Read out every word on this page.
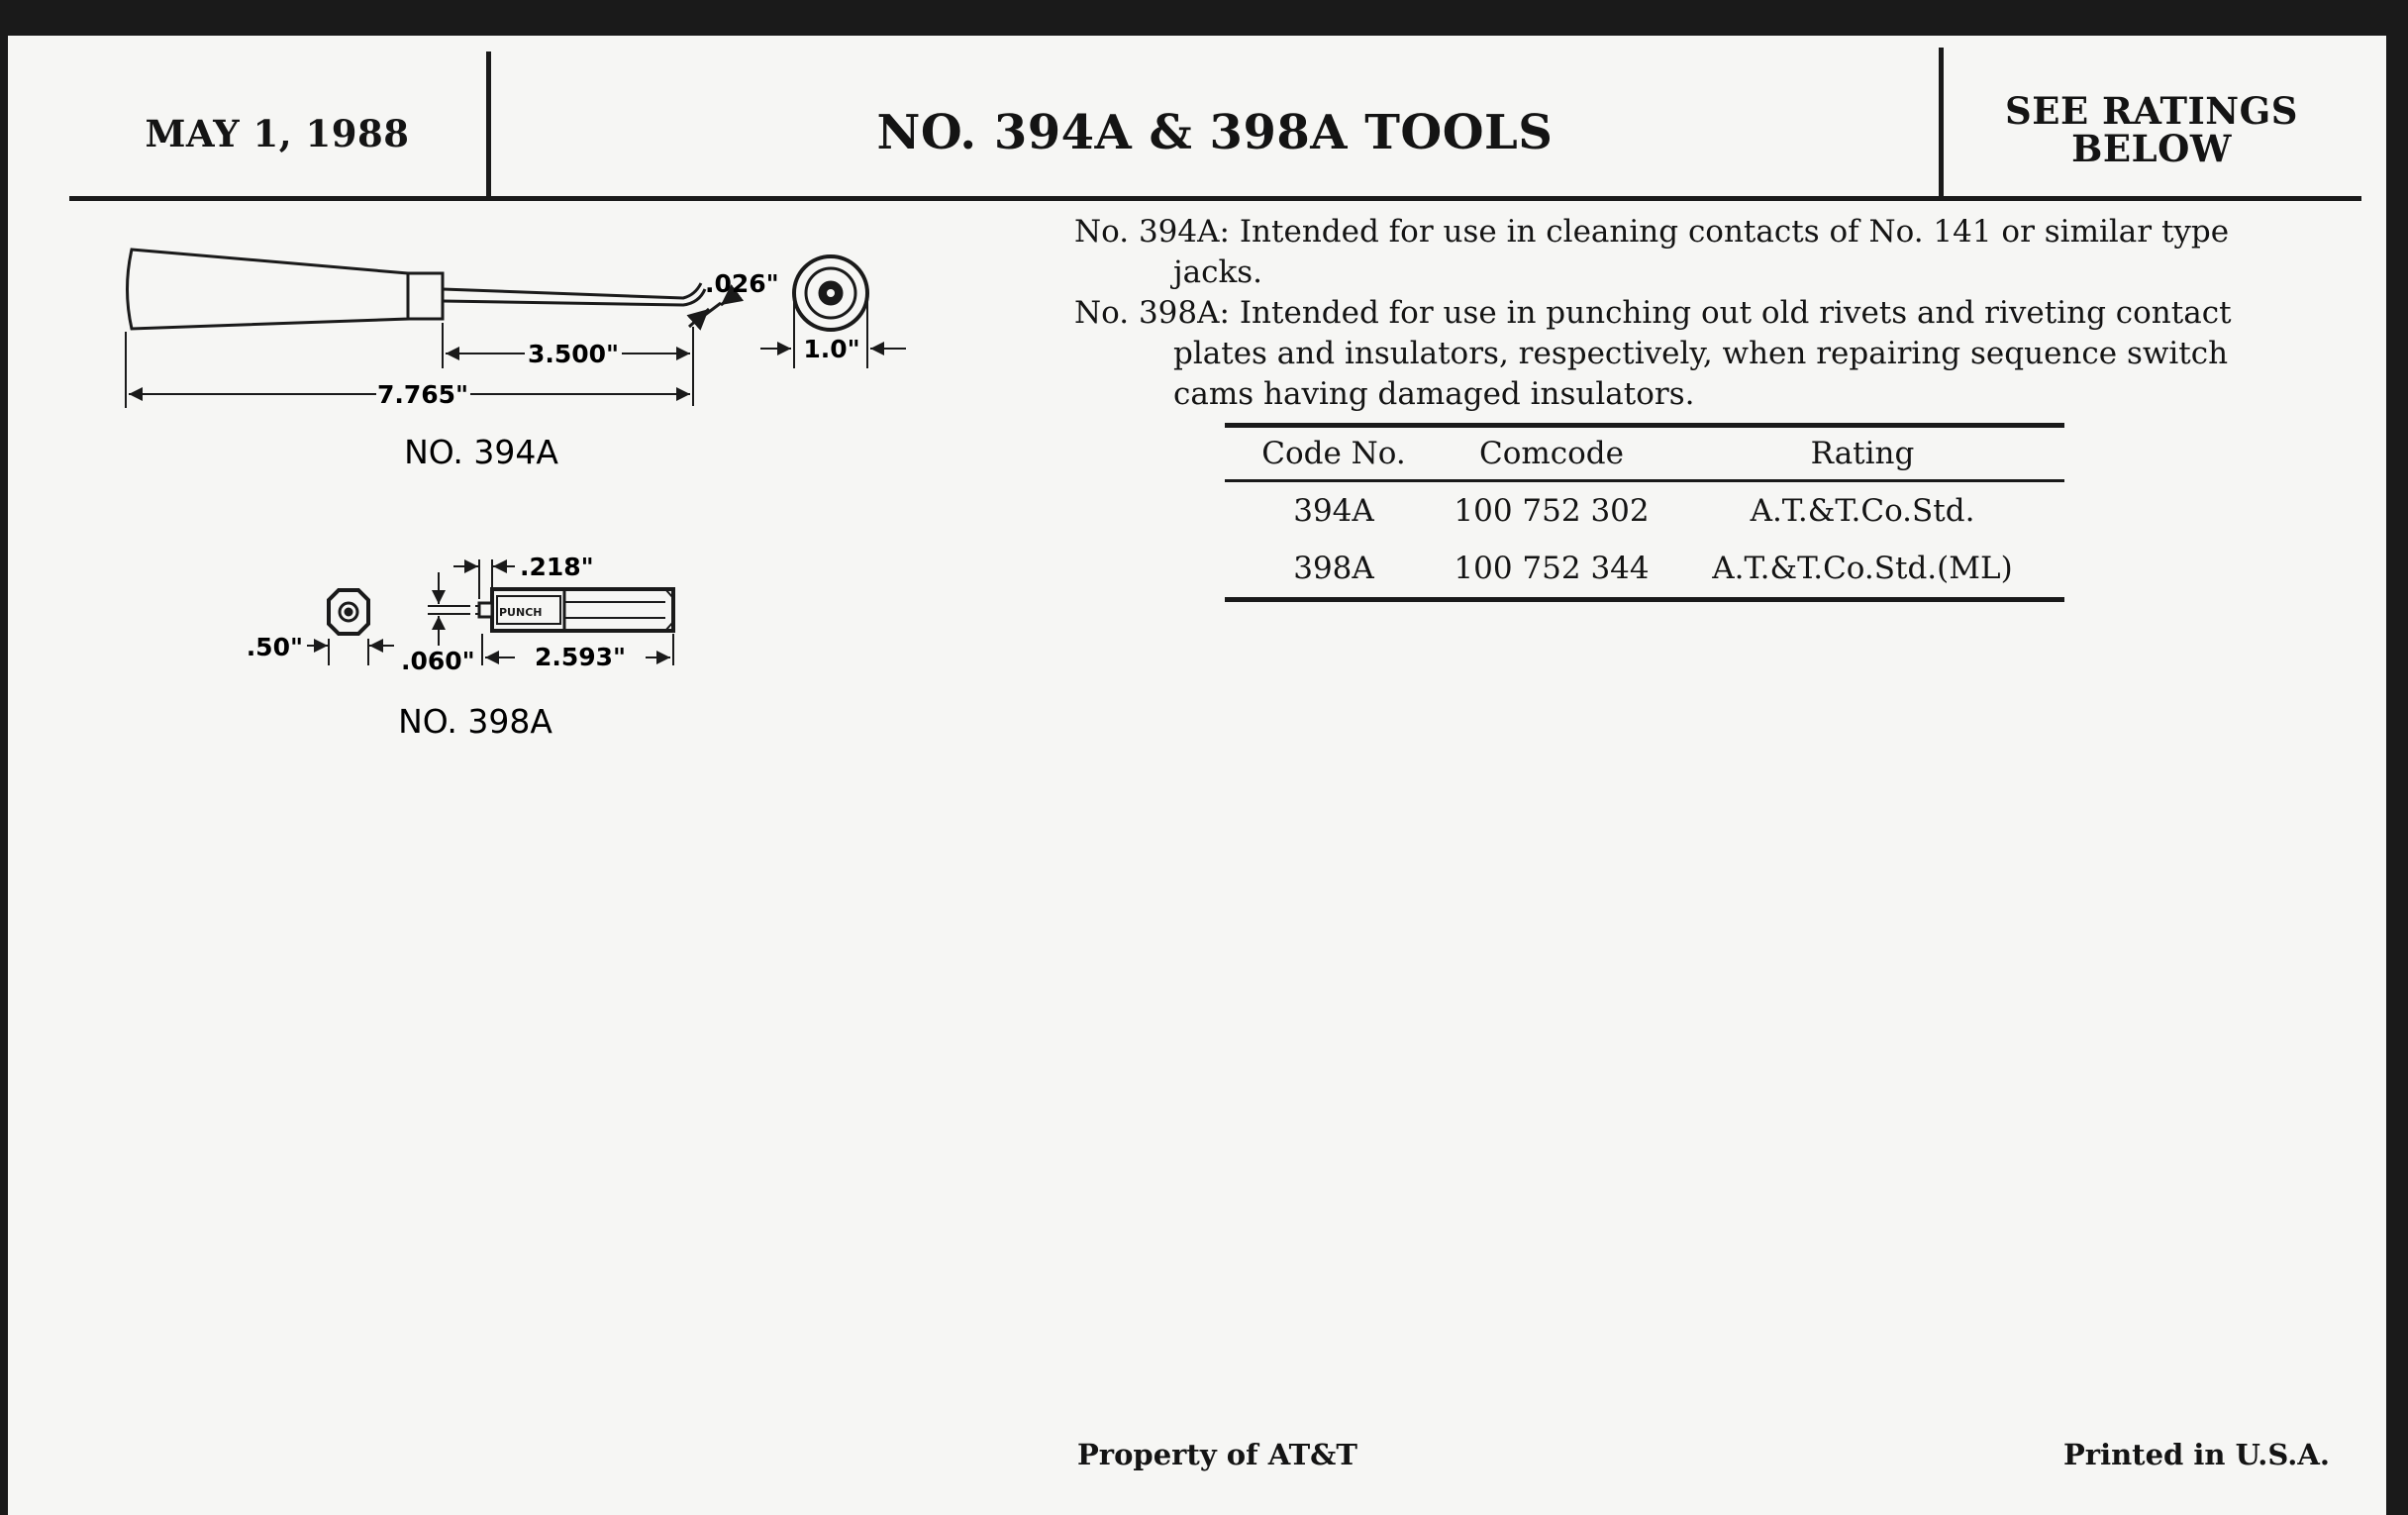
MAY 1, 1988	NO. 394A & 398A TOOLS	SEE RATINGS
BELOW

No. 394A: Intended for use in cleaning contacts of No. 141 or similar type jacks.

No. 398A: Intended for use in punching out old rivets and riveting contact plates and insulators, respectively, when repairing sequence switch cams having damaged insulators.

Code No.	Comcode	Rating
394A	100 752 302	A.T.&T.Co.Std.
398A	100 752 344	A.T.&T.Co.Std.(ML)
.026"
3.500"
7.765"
1.0"
NO. 394A
PUNCH
.218"
.50"	.060" 2.593"
NO. 398A
Property of AT&T	Printed in U.S.A.
